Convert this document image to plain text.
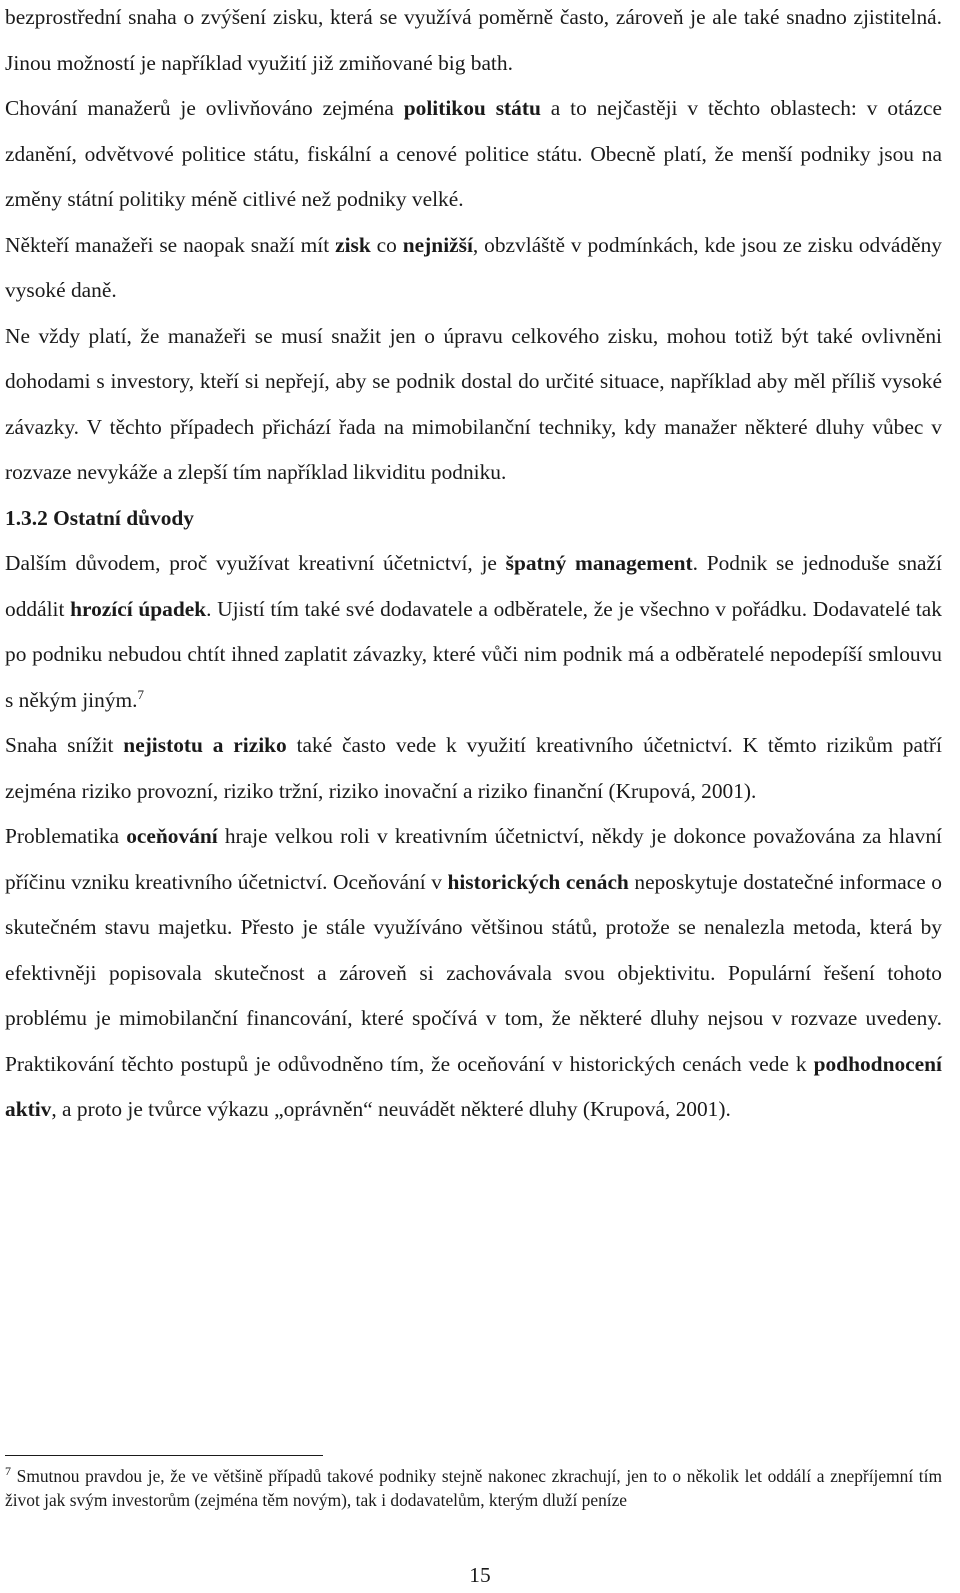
bezprostřední snaha o zvýšení zisku, která se využívá poměrně často, zároveň je ale také snadno zjistitelná. Jinou možností je například využití již zmiňované big bath.

Chování manažerů je ovlivňováno zejména politikou státu a to nejčastěji v těchto oblastech: v otázce zdanění, odvětvové politice státu, fiskální a cenové politice státu. Obecně platí, že menší podniky jsou na změny státní politiky méně citlivé než podniky velké.

Někteří manažeři se naopak snaží mít zisk co nejnižší, obzvláště v podmínkách, kde jsou ze zisku odváděny vysoké daně.

Ne vždy platí, že manažeři se musí snažit jen o úpravu celkového zisku, mohou totiž být také ovlivněni dohodami s investory, kteří si nepřejí, aby se podnik dostal do určité situace, například aby měl příliš vysoké závazky. V těchto případech přichází řada na mimobilanční techniky, kdy manažer některé dluhy vůbec v rozvaze nevykáže a zlepší tím například likviditu podniku.

1.3.2 Ostatní důvody

Dalším důvodem, proč využívat kreativní účetnictví, je špatný management. Podnik se jednoduše snaží oddálit hrozící úpadek. Ujistí tím také své dodavatele a odběratele, že je všechno v pořádku. Dodavatelé tak po podniku nebudou chtít ihned zaplatit závazky, které vůči nim podnik má a odběratelé nepodepíší smlouvu s někým jiným.$^7$

Snaha snížit nejistotu a riziko také často vede k využití kreativního účetnictví. K těmto rizikům patří zejména riziko provozní, riziko tržní, riziko inovační a riziko finanční (Krupová, 2001).

Problematika oceňování hraje velkou roli v kreativním účetnictví, někdy je dokonce považována za hlavní příčinu vzniku kreativního účetnictví. Oceňování v historických cenách neposkytuje dostatečné informace o skutečném stavu majetku. Přesto je stále využíváno většinou států, protože se nenalezla metoda, která by efektivněji popisovala skutečnost a zároveň si zachovávala svou objektivitu. Populární řešení tohoto problému je mimobilanční financování, které spočívá v tom, že některé dluhy nejsou v rozvaze uvedeny. Praktikování těchto postupů je odůvodněno tím, že oceňování v historických cenách vede k podhodnocení aktiv, a proto je tvůrce výkazu „oprávněn“ neuvádět některé dluhy (Krupová, 2001).

$^7$ Smutnou pravdou je, že ve většině případů takové podniky stejně nakonec zkrachují, jen to o několik let oddálí a znepříjemní tím život jak svým investorům (zejména těm novým), tak i dodavatelům, kterým dluží peníze
15
